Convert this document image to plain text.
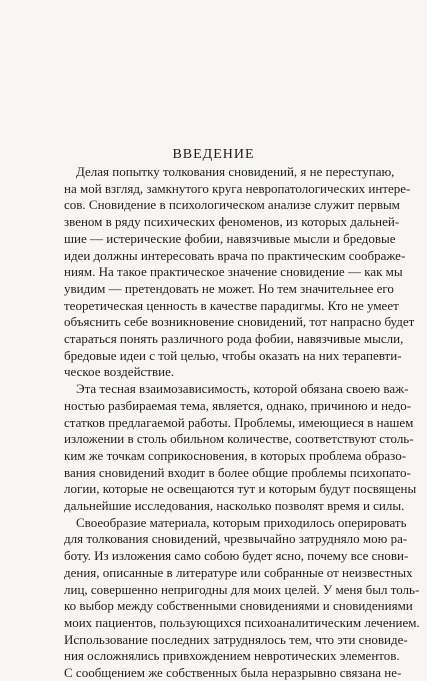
ВВЕДЕНИЕ
Делая попытку толкования сновидений, я не переступаю,
на мой взгляд, замкнутого круга невропатологических интере-
сов. Сновидение в психологическом анализе служит первым
звеном в ряду психических феноменов, из которых дальней-
шие — истерические фобии, навязчивые мысли и бредовые
идеи должны интересовать врача по практическим соображе-
ниям. На такое практическое значение сновидение — как мы
увидим — претендовать не может. Но тем значительнее его
теоретическая ценность в качестве парадигмы. Кто не умеет
объяснить себе возникновение сновидений, тот напрасно будет
стараться понять различного рода фобии, навязчивые мысли,
бредовые идеи с той целью, чтобы оказать на них терапевти-
ческое воздействие.
Эта тесная взаимозависимость, которой обязана своею важ-
ностью разбираемая тема, является, однако, причиною и недо-
статков предлагаемой работы. Проблемы, имеющиеся в нашем
изложении в столь обильном количестве, соответствуют столь-
ким же точкам соприкосновения, в которых проблема образо-
вания сновидений входит в более общие проблемы психопато-
логии, которые не освещаются тут и которым будут посвящены
дальнейшие исследования, насколько позволят время и силы.
Своеобразие материала, которым приходилось оперировать
для толкования сновидений, чрезвычайно затрудняло мою ра-
боту. Из изложения само собою будет ясно, почему все снови-
дения, описанные в литературе или собранные от неизвестных
лиц, совершенно непригодны для моих целей. У меня был толь-
ко выбор между собственными сновидениями и сновидениями
моих пациентов, пользующихся психоаналитическим лечением.
Использование последних затруднялось тем, что эти сновиде-
ния осложнялись привхождением невротических элементов.
С сообщением же собственных была неразрывно связана не-
